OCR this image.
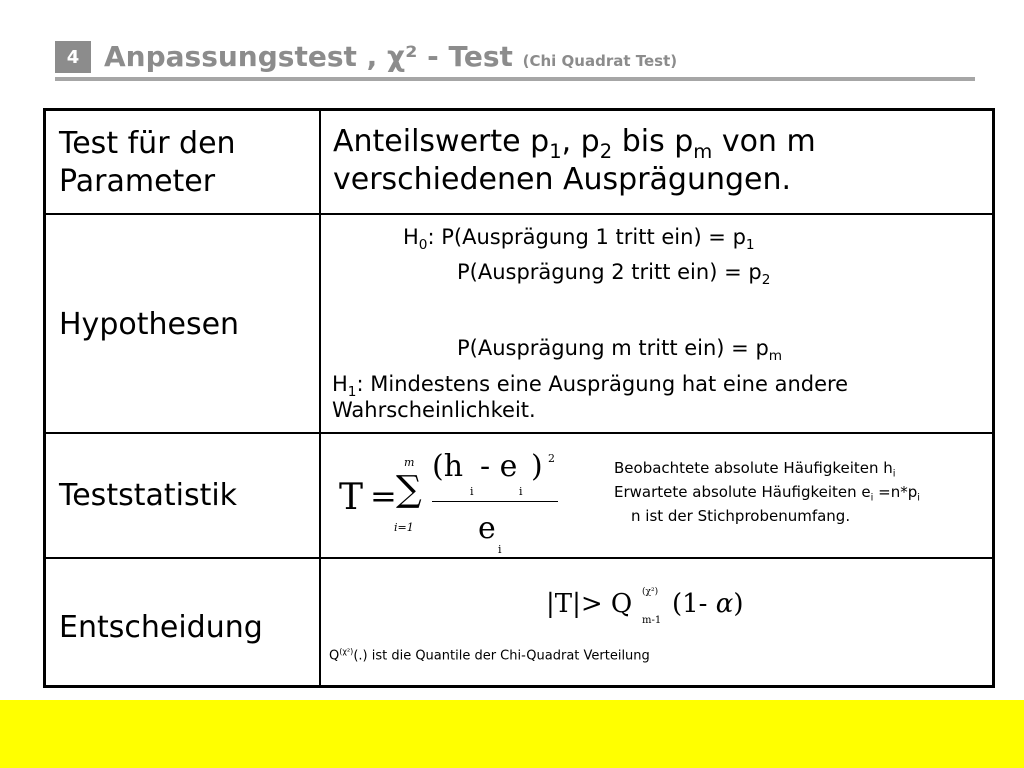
4 Anpassungstest , χ² - Test (Chi Quadrat Test)
Test für den Parameter
Anteilswerte $p_1$, $p_2$ bis $p_m$ von m
verschiedenen Ausprägungen.
Hypothesen
$H_0$: P(Ausprägung 1 tritt $ein) = p_1$
P(Ausprägung 2 tritt $ein) = p_2$
P(Ausprägung m tritt $ein) = p_m$
$H_1$: Mindestens eine Ausprägung hat eine andere
Wahrscheinlichkeit.
Teststatistik	T =
m
∑
i=1
(h
i
- e
i
) 2
e
i
Beobachtete absolute Häufigkeiten $h_i$
Erwartete absolute Häufigkeiten $e_i =n*p_i$
n ist der Stichprobenumfang.
Entscheidung
|T|> Q (χ²)
m-1
(1- α)
$Q^{(\chi^2)}(.)$ ist die Quantile der Chi-Quadrat Verteilung
